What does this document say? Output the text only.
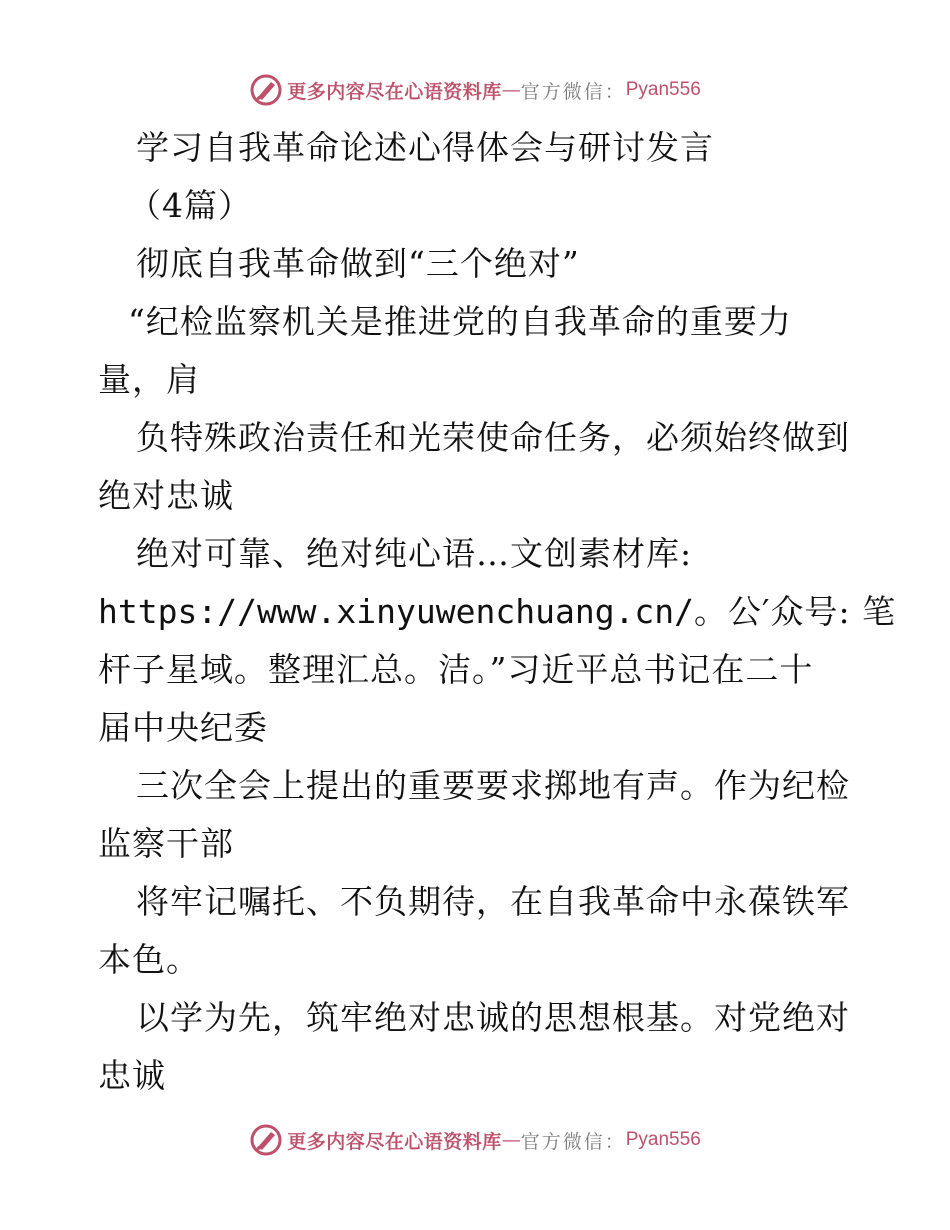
更多内容尽在心语资料库 — 官方微信： Pyan556
学习自我革命论述心得体会与研讨发言
（4篇）
彻底自我革命做到“三个绝对”
“纪检监察机关是推进党的自我革命的重要力
量，肩
负特殊政治责任和光荣使命任务，必须始终做到
绝对忠诚
绝对可靠、绝对纯心语…文创素材库:
https://www.xinyuwenchuang.cn/。公′众号: 笔
杆子星域。整理汇总。洁。”习近平总书记在二十
届中央纪委
三次全会上提出的重要要求掷地有声。作为纪检
监察干部
将牢记嘱托、不负期待，在自我革命中永葆铁军
本色。
以学为先，筑牢绝对忠诚的思想根基。对党绝对
忠诚
更多内容尽在心语资料库 — 官方微信： Pyan556
